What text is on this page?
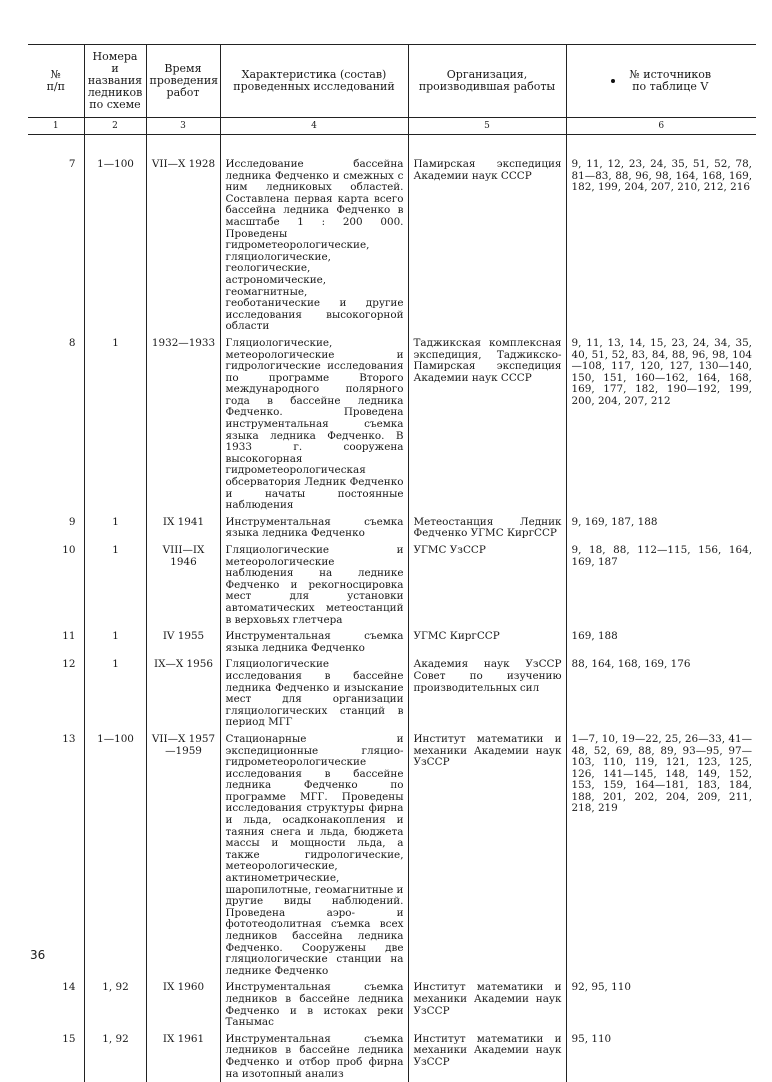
№
п/п	Номера и
названия
ледников
по схеме	Время
проведения
работ	Характеристика (состав)
проведенных исследований	Организация,
производившая работы	№ источников
по таблице V
1	2	3	4	5	6
7	1—100	VII—X 1928	Исследование бассейна ледника Федченко и смежных с ним ледниковых областей. Составлена первая карта всего бассейна ледника Федченко в масштабе 1 : 200 000. Проведены гидрометеорологические, гляциологические, геологические, астрономические, геомагнитные, геоботанические и другие исследования высокогорной области	Памирская экспедиция Академии наук СССР	9, 11, 12, 23, 24, 35, 51, 52, 78, 81—83, 88, 96, 98, 164, 168, 169, 182, 199, 204, 207, 210, 212, 216
8	1	1932—1933	Гляциологические, метеорологические и гидрологические исследования по программе Второго международного полярного года в бассейне ледника Федченко. Проведена инструментальная съемка языка ледника Федченко. В 1933 г. сооружена высокогорная гидрометеорологическая обсерватория Ледник Федченко и начаты постоянные наблюдения	Таджикская комплексная экспедиция, Таджикско-Памирская экспедиция Академии наук СССР	9, 11, 13, 14, 15, 23, 24, 34, 35, 40, 51, 52, 83, 84, 88, 96, 98, 104—108, 117, 120, 127, 130—140, 150, 151, 160—162, 164, 168, 169, 177, 182, 190—192, 199, 200, 204, 207, 212
9	1	IX 1941	Инструментальная съемка языка ледника Федченко	Метеостанция Ледник Федченко УГМС КиргССР	9, 169, 187, 188
10	1	VIII—IX 1946	Гляциологические и метеорологические наблюдения на леднике Федченко и рекогносцировка мест для установки автоматических метеостанций в верховьях глетчера	УГМС УзССР	9, 18, 88, 112—115, 156, 164, 169, 187
11	1	IV 1955	Инструментальная съемка языка ледника Федченко	УГМС КиргССР	169, 188
12	1	IX—X 1956	Гляциологические исследования в бассейне ледника Федченко и изыскание мест для организации гляциологических станций в период МГГ	Академия наук УзССР Совет по изучению производительных сил	88, 164, 168, 169, 176
13	1—100	VII—X 1957—1959	Стационарные и экспедиционные гляцио-гидрометеорологические исследования в бассейне ледника Федченко по программе МГГ. Проведены исследования структуры фирна и льда, осадконакопления и таяния снега и льда, бюджета массы и мощности льда, а также гидрологические, метеорологические, актинометрические, шаропилотные, геомагнитные и другие виды наблюдений. Проведена аэро- и фототеодолитная съемка всех ледников бассейна ледника Федченко. Сооружены две гляциологические станции на леднике Федченко	Институт математики и механики Академии наук УзССР	1—7, 10, 19—22, 25, 26—33, 41—48, 52, 69, 88, 89, 93—95, 97—103, 110, 119, 121, 123, 125, 126, 141—145, 148, 149, 152, 153, 159, 164—181, 183, 184, 188, 201, 202, 204, 209, 211, 218, 219
14	1, 92	IX 1960	Инструментальная съемка ледников в бассейне ледника Федченко и в истоках реки Танымас	Институт математики и механики Академии наук УзССР	92, 95, 110
15	1, 92	IX 1961	Инструментальная съемка ледников в бассейне ледника Федченко и отбор проб фирна на изотопный анализ	Институт математики и механики Академии наук УзССР	95, 110
36
